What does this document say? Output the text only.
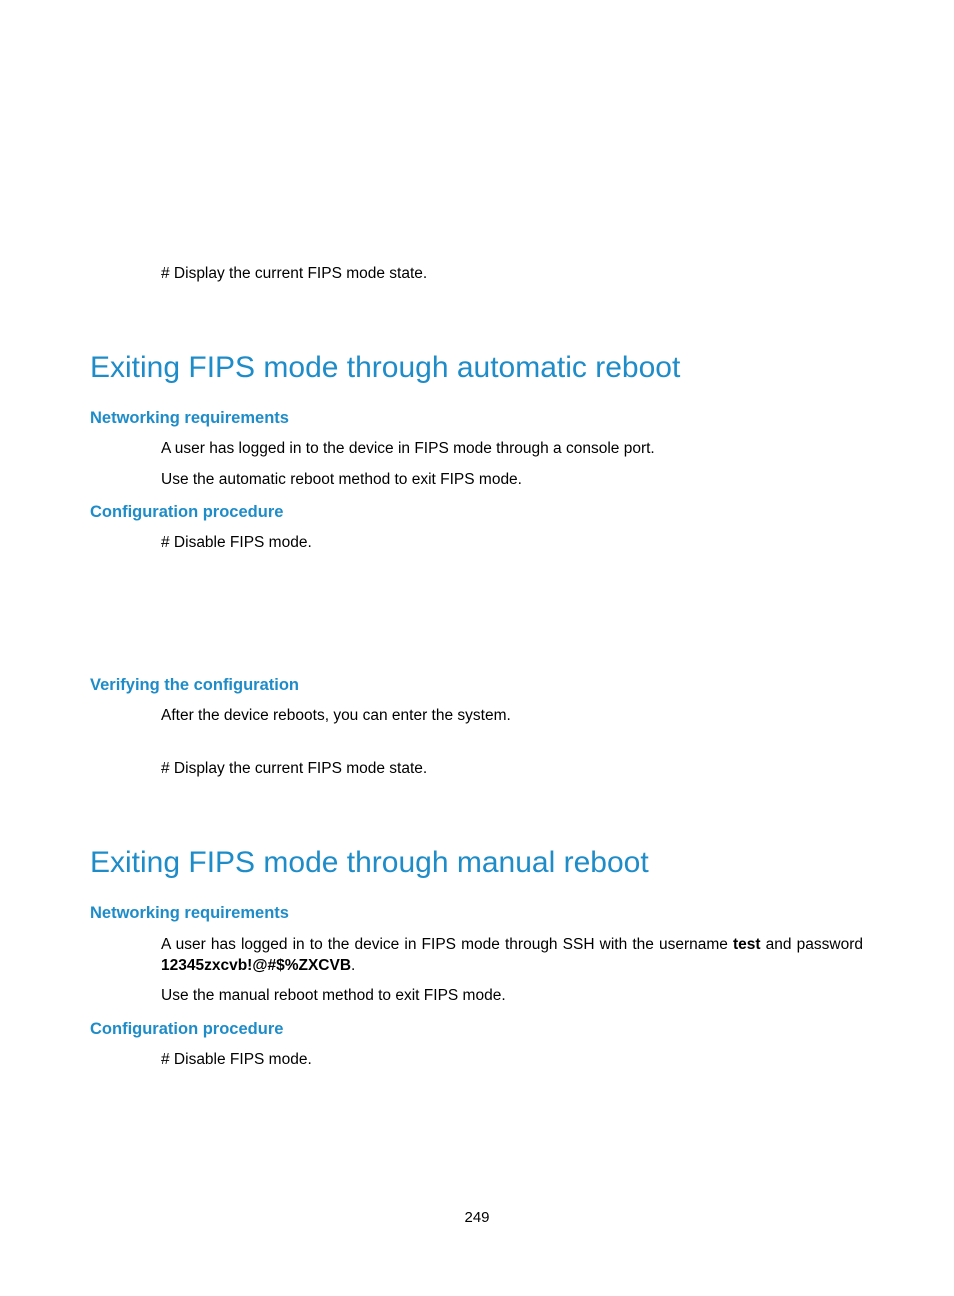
# Display the current FIPS mode state.
Exiting FIPS mode through automatic reboot
Networking requirements
A user has logged in to the device in FIPS mode through a console port.
Use the automatic reboot method to exit FIPS mode.
Configuration procedure
# Disable FIPS mode.
Verifying the configuration
After the device reboots, you can enter the system.
# Display the current FIPS mode state.
Exiting FIPS mode through manual reboot
Networking requirements
A user has logged in to the device in FIPS mode through SSH with the username test and password 12345zxcvb!@#$%ZXCVB.
Use the manual reboot method to exit FIPS mode.
Configuration procedure
# Disable FIPS mode.
249
